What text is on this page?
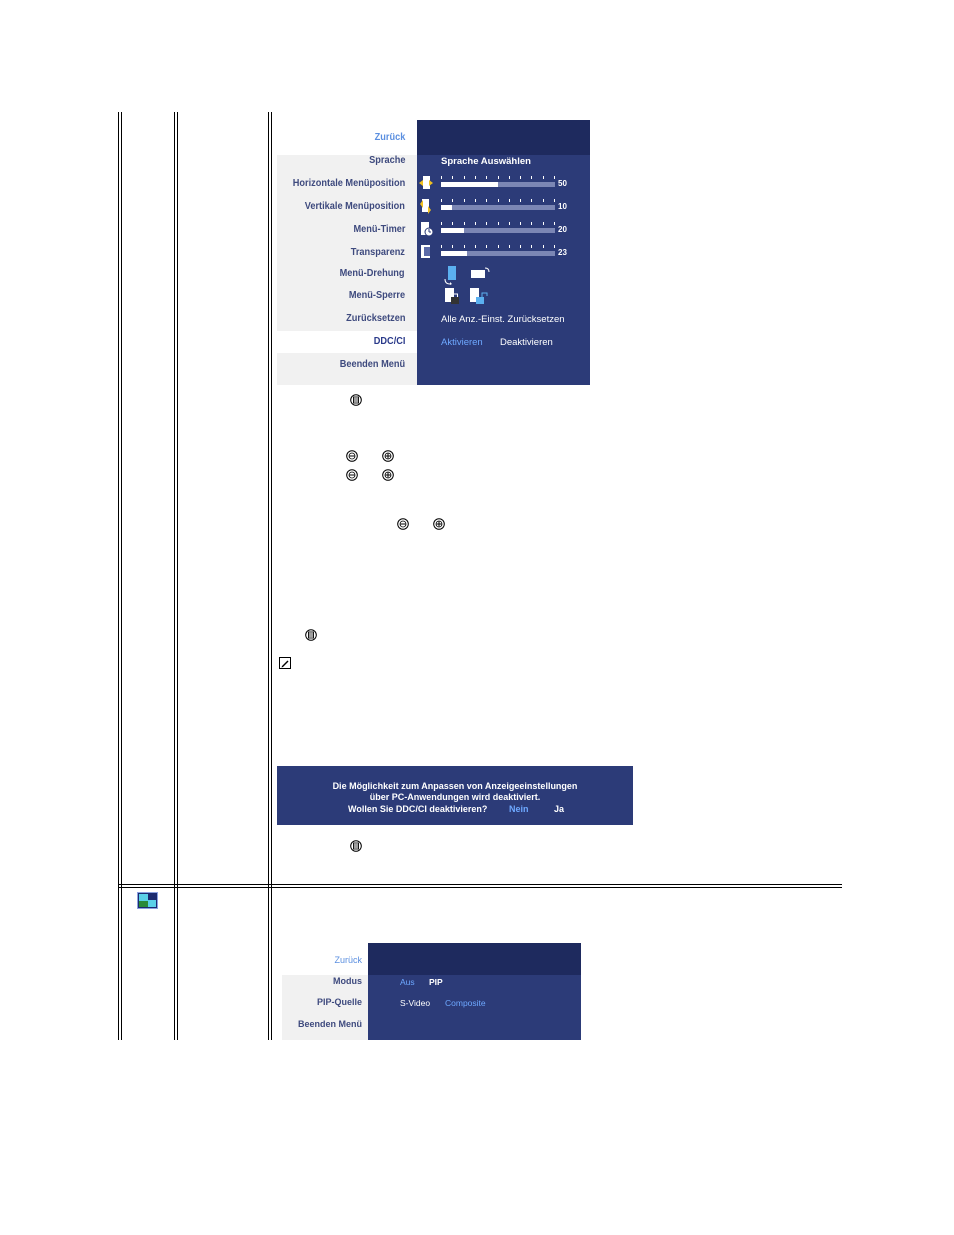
Zurück
Sprache
Horizontale Menüposition
Vertikale Menüposition
Menü-Timer
Transparenz
Menü-Drehung
Menü-Sperre
Zurücksetzen
DDC/CI
Beenden Menü
Sprache Auswählen
50
10
20
23
Alle Anz.-Einst. Zurücksetzen
Aktivieren Deaktivieren
Die Möglichkeit zum Anpassen von Anzeigeeinstellungen
über PC-Anwendungen wird deaktiviert.
Wollen Sie DDC/CI deaktivieren? Nein	Ja
Zurück
Modus
PIP-Quelle
Beenden Menü
Aus PIP
S-Video Composite
